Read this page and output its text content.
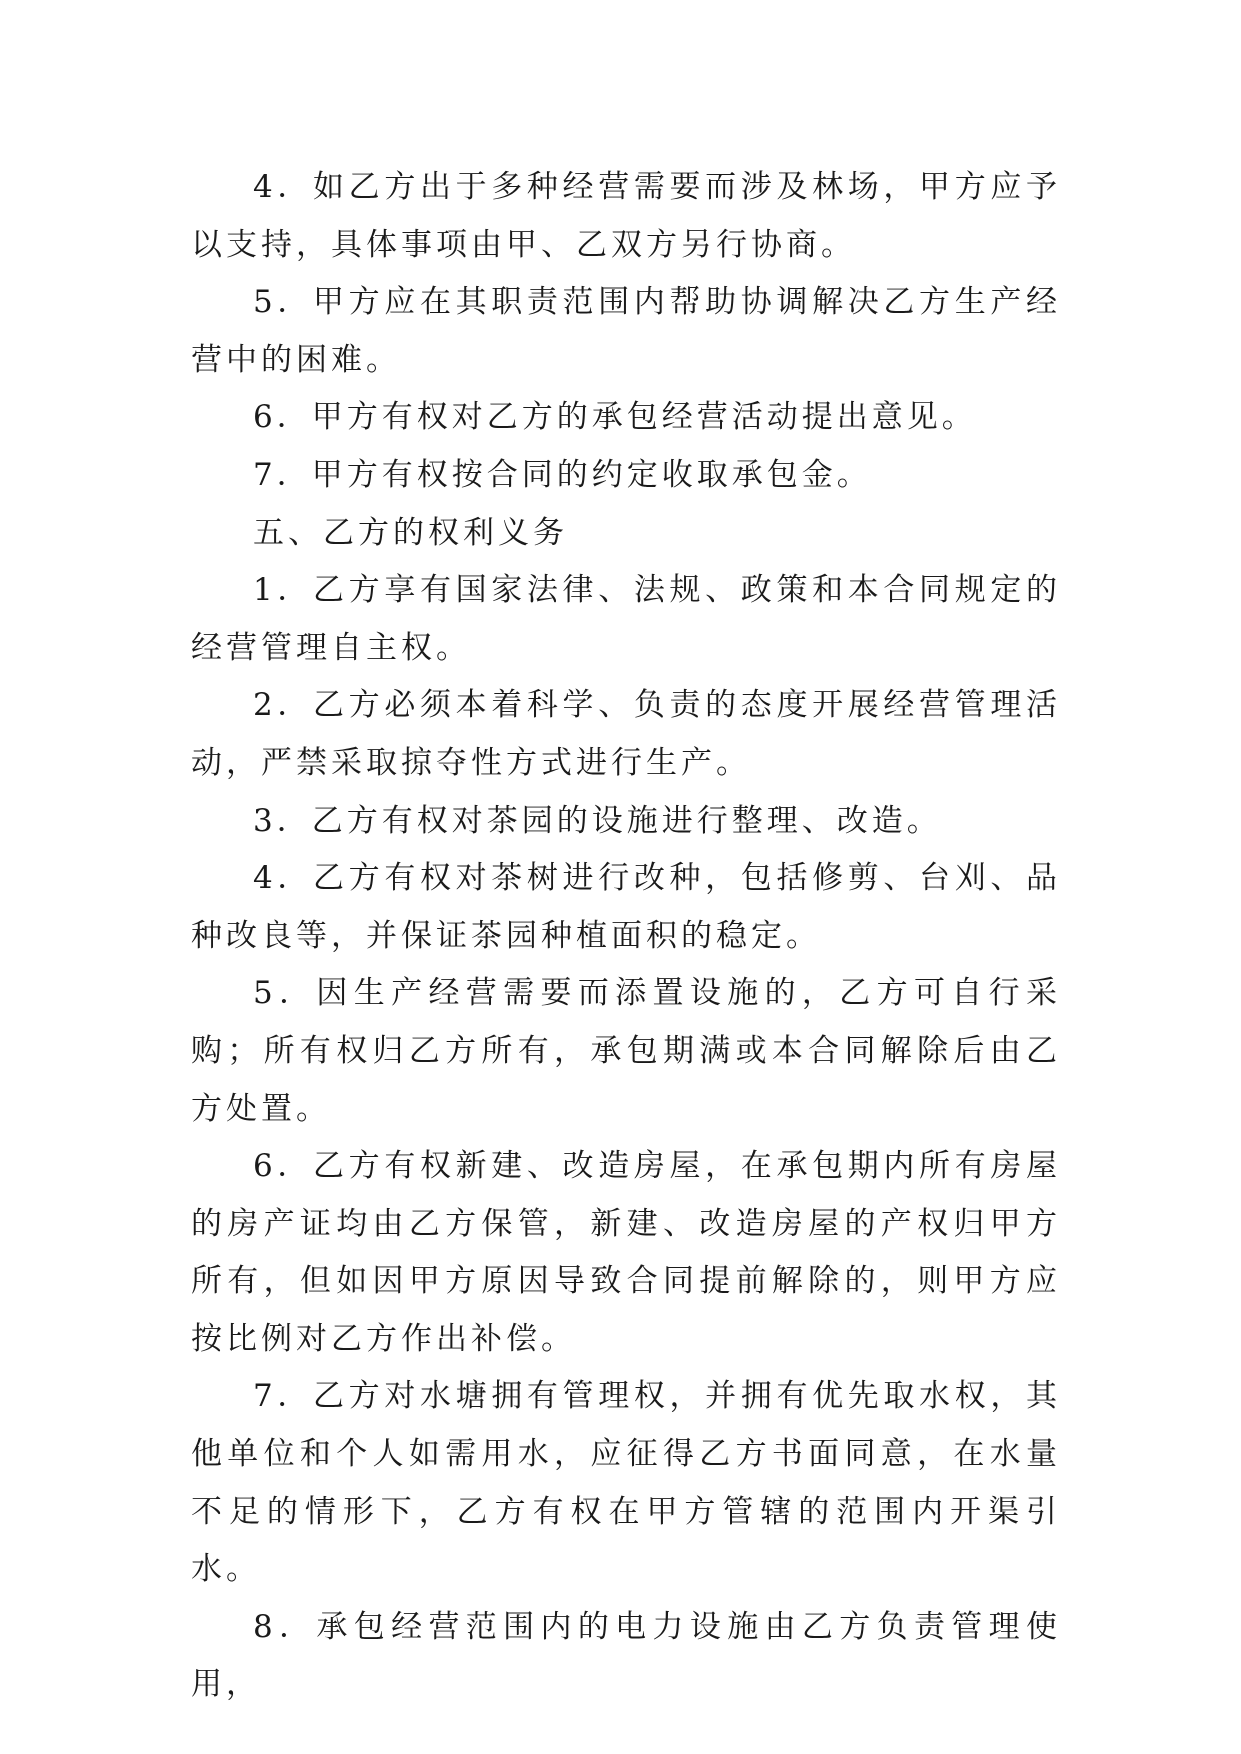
4．如乙方出于多种经营需要而涉及林场，甲方应予以支持，具体事项由甲、乙双方另行协商。

5．甲方应在其职责范围内帮助协调解决乙方生产经营中的困难。

6．甲方有权对乙方的承包经营活动提出意见。

7．甲方有权按合同的约定收取承包金。

五、乙方的权利义务

1．乙方享有国家法律、法规、政策和本合同规定的经营管理自主权。

2．乙方必须本着科学、负责的态度开展经营管理活动，严禁采取掠夺性方式进行生产。

3．乙方有权对茶园的设施进行整理、改造。

4．乙方有权对茶树进行改种，包括修剪、台刈、品种改良等，并保证茶园种植面积的稳定。

5．因生产经营需要而添置设施的，乙方可自行采购；所有权归乙方所有，承包期满或本合同解除后由乙方处置。

6．乙方有权新建、改造房屋，在承包期内所有房屋的房产证均由乙方保管，新建、改造房屋的产权归甲方所有，但如因甲方原因导致合同提前解除的，则甲方应按比例对乙方作出补偿。

7．乙方对水塘拥有管理权，并拥有优先取水权，其他单位和个人如需用水，应征得乙方书面同意，在水量不足的情形下，乙方有权在甲方管辖的范围内开渠引水。

8．承包经营范围内的电力设施由乙方负责管理使用，
